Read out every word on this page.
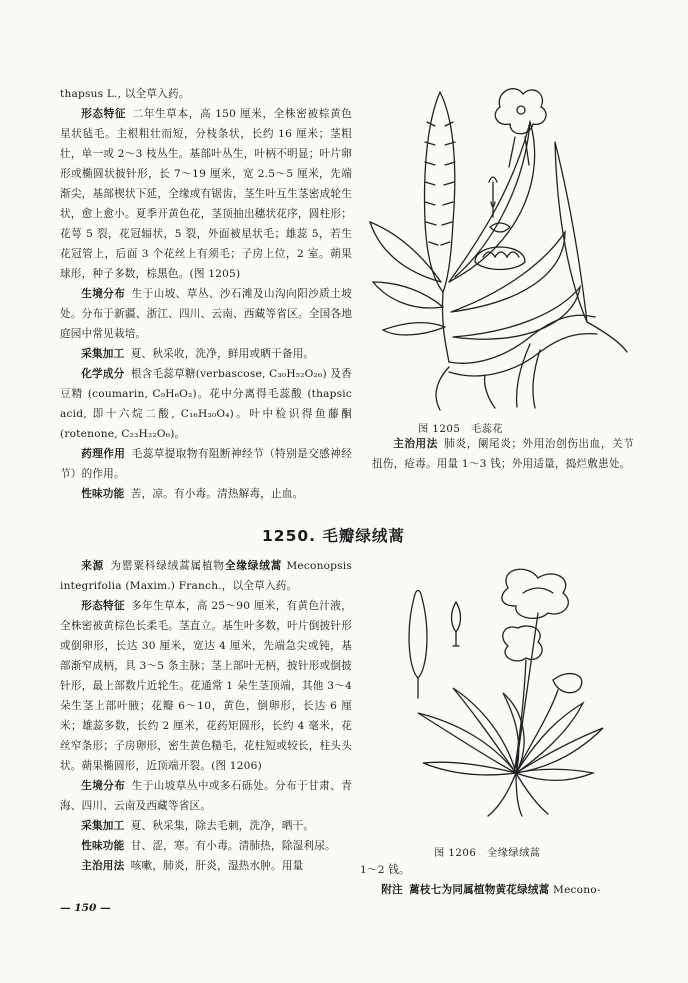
thapsus L., 以全草入药。

形态特征 二年生草本，高 150 厘米，全株密被棕黄色星状毡毛。主根粗壮而短，分枝条状，长约 16 厘米；茎粗壮，单一或 2～3 枝丛生。基部叶丛生，叶柄不明显；叶片卵形或椭圆状披针形，长 7～19 厘米，宽 2.5～5 厘米，先端渐尖，基部楔状下延，全缘或有锯齿，茎生叶互生茎密成轮生状，愈上愈小。夏季开黄色花，茎顶抽出穗状花序，圆柱形；花萼 5 裂，花冠辐状，5 裂，外面被星状毛；雄蕊 5，若生花冠管上，后面 3 个花丝上有须毛；子房上位，2 室。蒴果球形，种子多数，棕黑色。(图 1205)

生境分布 生于山坡、草丛、沙石滩及山沟向阳沙质土坡处。分布于新疆、浙江、四川、云南、西藏等省区。全国各地庭园中常见栽培。

采集加工 夏、秋采收，洗净，鲜用或晒干备用。

化学成分 根含毛蕊草糖(verbascose, C₃₀H₅₂O₂₆) 及香豆精 (coumarin, C₉H₆O₂)。花中分离得毛蕊酸 (thapsic acid, 即十六烷二酸, C₁₆H₃₀O₄)。叶中检识得鱼藤酮(rotenone, C₂₃H₂₂O₆)。

药理作用 毛蕊草提取物有阻断神经节（特别是交感神经节）的作用。

性味功能 苦，凉。有小毒。清热解毒，止血。

图 1205　毛蕊花

主治用法 肺炎，阑尾炎；外用治创伤出血，关节扭伤，疮毒。用量 1～3 钱；外用适量，捣烂敷患处。

1250. 毛瓣绿绒蒿

来源 为罂粟科绿绒蒿属植物全缘绿绒蒿 Meconopsis integrifolia (Maxim.) Franch.，以全草入药。

形态特征 多年生草本，高 25～90 厘米，有黄色汁液，全株密被黄棕色长柔毛。茎直立。基生叶多数，叶片倒披针形或倒卵形，长达 30 厘米，宽达 4 厘米，先端急尖或钝，基部渐窄成柄，具 3～5 条主脉；茎上部叶无柄，披针形或倒披针形，最上部数片近轮生。花通常 1 朵生茎顶端，其他 3～4 朵生茎上部叶腋；花瓣 6～10，黄色，倒卵形，长达 6 厘米；雄蕊多数，长约 2 厘米，花药矩圆形，长约 4 毫米，花丝窄条形；子房卵形，密生黄色糙毛，花柱短或较长，柱头头状。蒴果椭圆形，近顶端开裂。(图 1206)

生境分布 生于山坡草丛中或多石砾处。分布于甘肃、青海、四川、云南及西藏等省区。

采集加工 夏、秋采集，除去毛刺，洗净，晒干。

性味功能 甘、涩，寒。有小毒。清肺热，除湿利尿。

主治用法 咳嗽，肺炎，肝炎，湿热水肿。用量

图 1206　全缘绿绒蒿

1～2 钱。

附注 蓠枝七为同属植物黄花绿绒蒿 Mecono-

— 150 —
